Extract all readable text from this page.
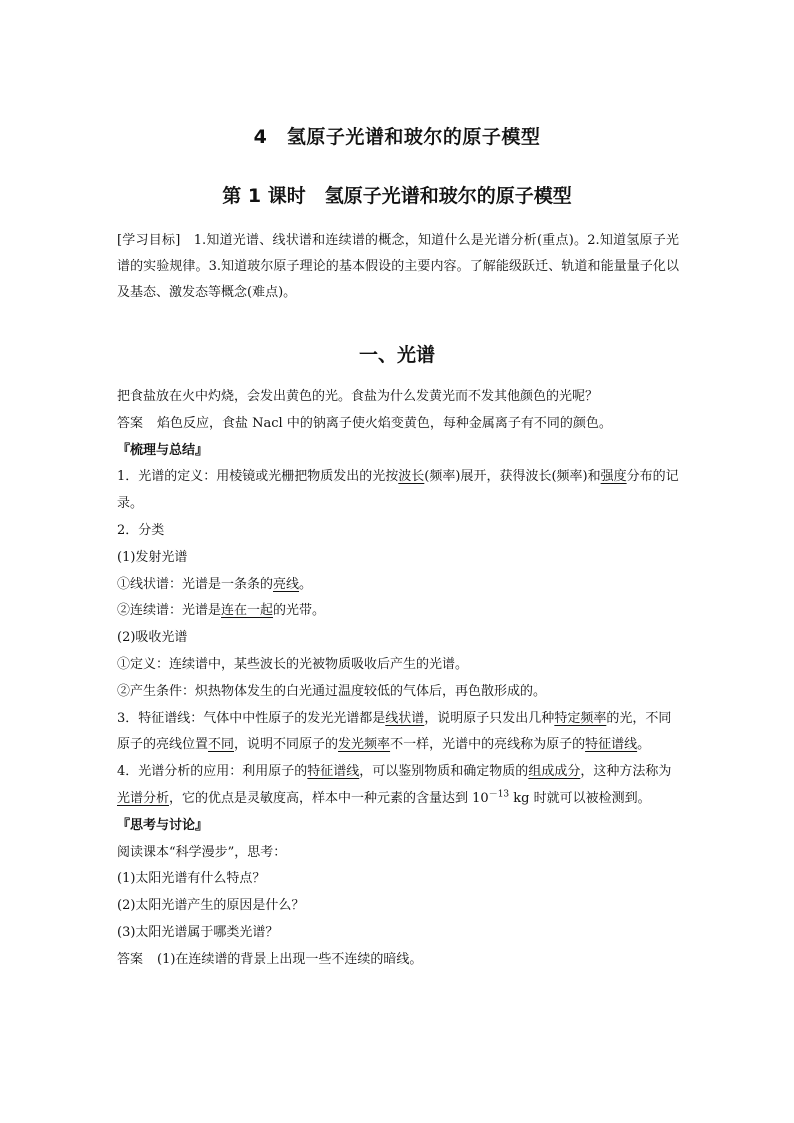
4　氢原子光谱和玻尔的原子模型
第 1 课时　氢原子光谱和玻尔的原子模型
[学习目标]　1.知道光谱、线状谱和连续谱的概念，知道什么是光谱分析(重点)。2.知道氢原子光谱的实验规律。3.知道玻尔原子理论的基本假设的主要内容。了解能级跃迁、轨道和能量量子化以及基态、激发态等概念(难点)。
一、光谱

把食盐放在火中灼烧，会发出黄色的光。食盐为什么发黄光而不发其他颜色的光呢？

答案 焰色反应，食盐 Nacl 中的钠离子使火焰变黄色，每种金属离子有不同的颜色。

『梳理与总结』

1．光谱的定义：用棱镜或光栅把物质发出的光按波长(频率)展开，获得波长(频率)和强度分布的记录。

2．分类

(1)发射光谱

①线状谱：光谱是一条条的亮线。

②连续谱：光谱是连在一起的光带。

(2)吸收光谱

①定义：连续谱中，某些波长的光被物质吸收后产生的光谱。

②产生条件：炽热物体发生的白光通过温度较低的气体后，再色散形成的。

3．特征谱线：气体中中性原子的发光光谱都是线状谱，说明原子只发出几种特定频率的光，不同原子的亮线位置不同，说明不同原子的发光频率不一样，光谱中的亮线称为原子的特征谱线。

4．光谱分析的应用：利用原子的特征谱线，可以鉴别物质和确定物质的组成成分，这种方法称为光谱分析，它的优点是灵敏度高，样本中一种元素的含量达到 $10^{-13}$ kg 时就可以被检测到。

『思考与讨论』

阅读课本“科学漫步”，思考：

(1)太阳光谱有什么特点？

(2)太阳光谱产生的原因是什么？

(3)太阳光谱属于哪类光谱？

答案 (1)在连续谱的背景上出现一些不连续的暗线。
